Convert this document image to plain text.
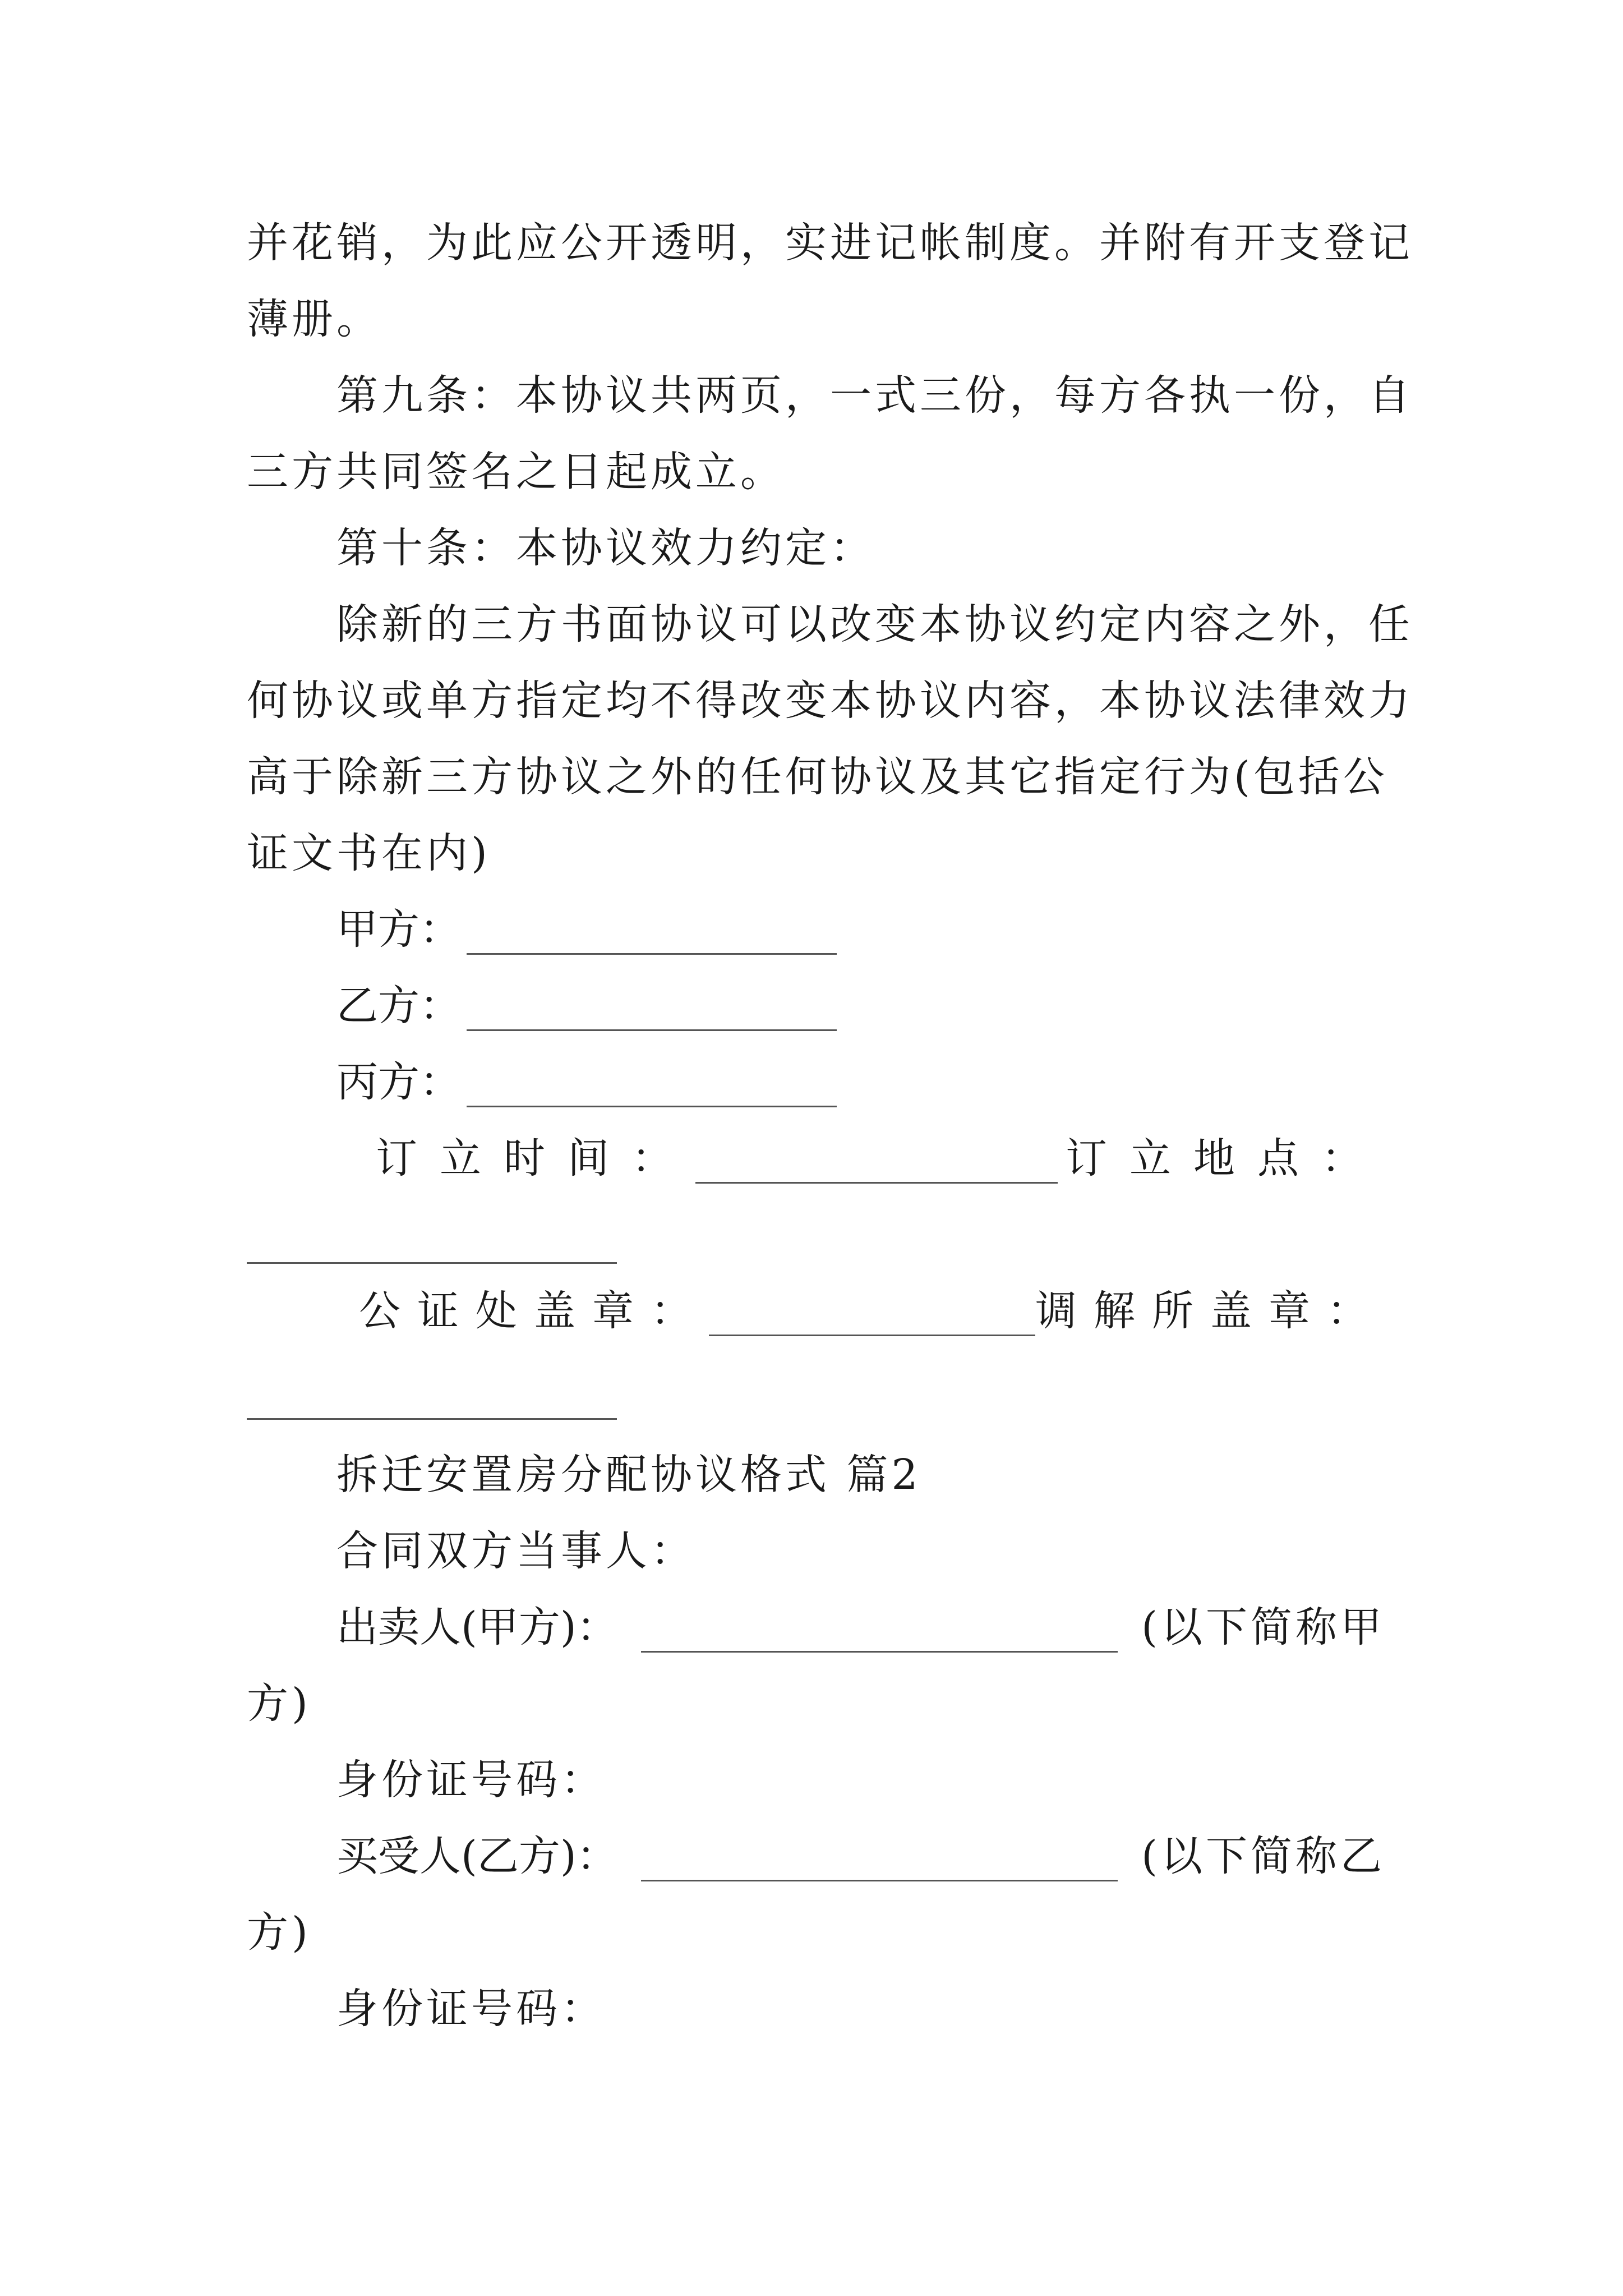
并花销，为此应公开透明，实进记帐制度。并附有开支登记
薄册。
第九条：本协议共两页，一式三份，每方各执一份，自
三方共同签名之日起成立。
第十条：本协议效力约定：
除新的三方书面协议可以改变本协议约定内容之外，任
何协议或单方指定均不得改变本协议内容，本协议法律效力
高于除新三方协议之外的任何协议及其它指定行为(包括公
证文书在内)
甲方：
乙方：
丙方：
订立时间：	订立地点：
公证处盖章：	调解所盖章：
拆迁安置房分配协议格式 篇2
合同双方当事人：
出卖人(甲方)：	(以下简称甲
方)
身份证号码：
买受人(乙方)：	(以下简称乙
方)
身份证号码：
